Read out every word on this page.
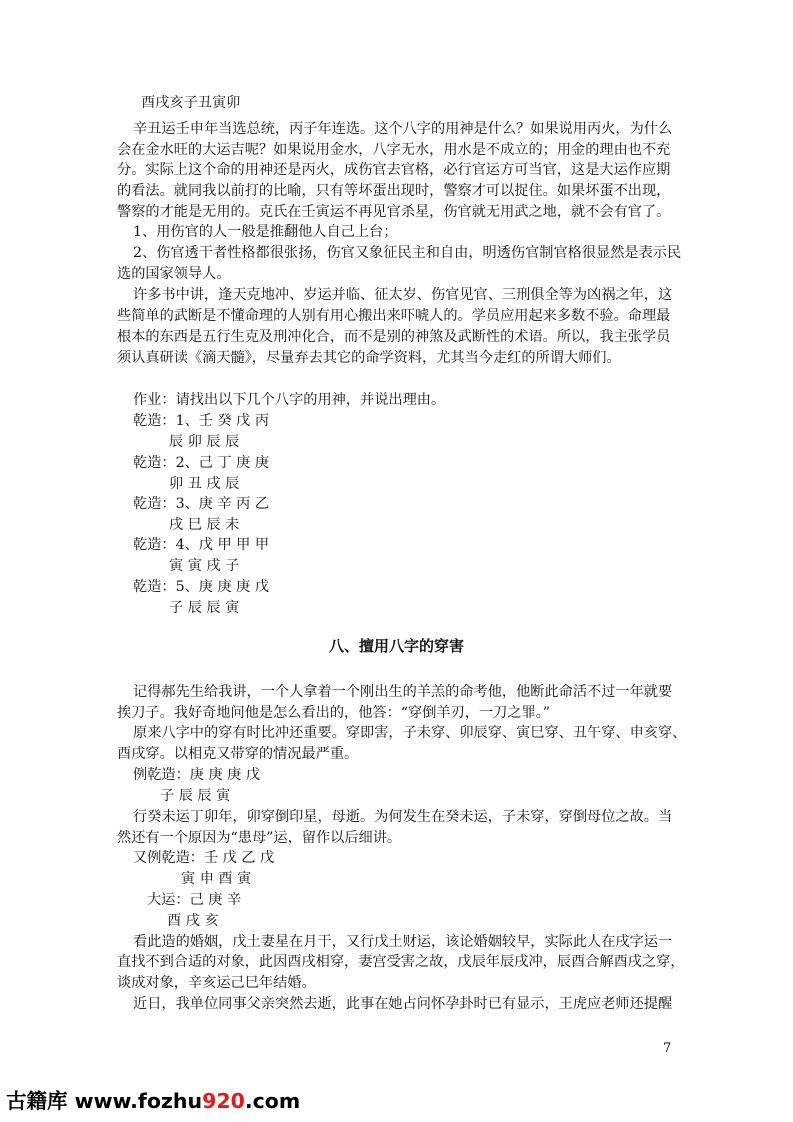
酉戌亥子丑寅卯
辛丑运壬申年当选总统，丙子年连选。这个八字的用神是什么？如果说用丙火，为什么
会在金水旺的大运吉呢？如果说用金水，八字无水，用水是不成立的；用金的理由也不充
分。实际上这个命的用神还是丙火，成伤官去官格，必行官运方可当官，这是大运作应期
的看法。就同我以前打的比喻，只有等坏蛋出现时，警察才可以捉住。如果坏蛋不出现，
警察的才能是无用的。克氏在壬寅运不再见官杀星，伤官就无用武之地，就不会有官了。
1、用伤官的人一般是推翻他人自己上台；
2、伤官透干者性格都很张扬，伤官又象征民主和自由，明透伤官制官格很显然是表示民
选的国家领导人。
许多书中讲，逢天克地冲、岁运并临、征太岁、伤官见官、三刑俱全等为凶祸之年，这
些简单的武断是不懂命理的人别有用心搬出来吓唬人的。学员应用起来多数不验。命理最
根本的东西是五行生克及刑冲化合，而不是别的神煞及武断性的术语。所以，我主张学员
须认真研读《滴天髓》，尽量弃去其它的命学资料，尤其当今走红的所谓大师们。
作业：请找出以下几个八字的用神，并说出理由。
乾造：1、壬 癸 戊 丙
辰 卯 辰 辰
乾造：2、己 丁 庚 庚
卯 丑 戌 辰
乾造：3、庚 辛 丙 乙
戌 巳 辰 未
乾造：4、戊 甲 甲 甲
寅 寅 戌 子
乾造：5、庚 庚 庚 戊
子 辰 辰 寅
八、擅用八字的穿害
记得郝先生给我讲，一个人拿着一个刚出生的羊羔的命考他，他断此命活不过一年就要
挨刀子。我好奇地问他是怎么看出的，他答：“穿倒羊刃，一刀之罪。”
原来八字中的穿有时比冲还重要。穿即害，子未穿、卯辰穿、寅巳穿、丑午穿、申亥穿、
酉戌穿。以相克又带穿的情况最严重。
例乾造：庚 庚 庚 戊
子 辰 辰 寅
行癸未运丁卯年，卯穿倒印星，母逝。为何发生在癸未运，子未穿，穿倒母位之故。当
然还有一个原因为“患母”运，留作以后细讲。
又例乾造：壬 戊 乙 戊
寅 申 酉 寅
大运：己 庚 辛
酉 戌 亥
看此造的婚姻，戊土妻星在月干，又行戊土财运，该论婚姻较早，实际此人在戌字运一
直找不到合适的对象，此因酉戌相穿，妻宫受害之故，戊辰年辰戌冲，辰酉合解酉戌之穿，
谈成对象，辛亥运己巳年结婚。
近日，我单位同事父亲突然去逝，此事在她占问怀孕卦时已有显示，王虎应老师还提醒
7
古籍库 www.fozhu920.com
